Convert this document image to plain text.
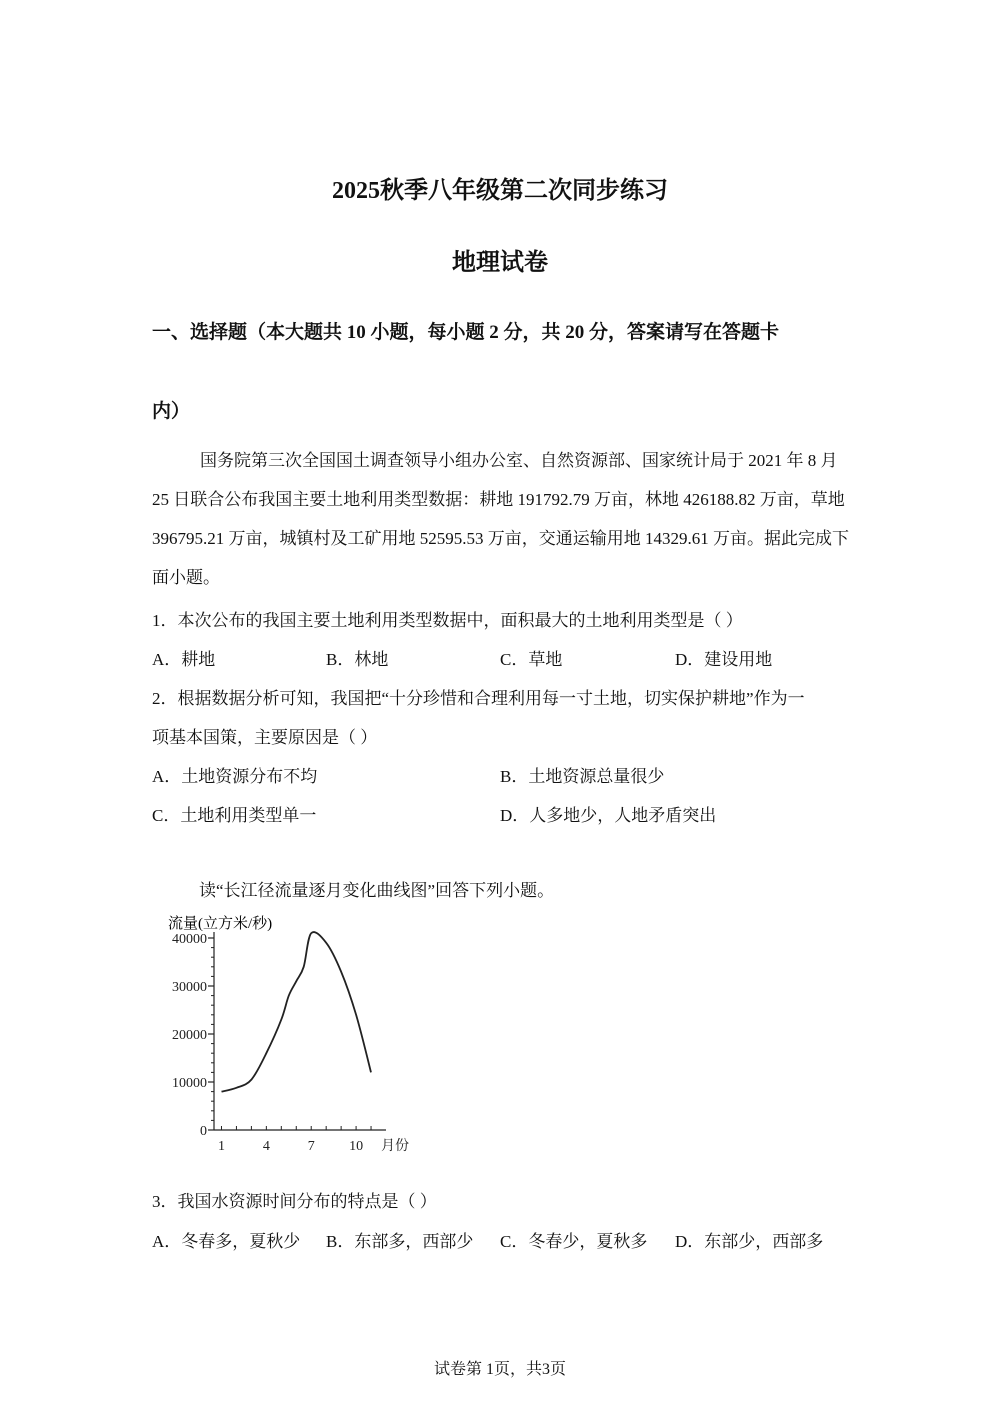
2025秋季八年级第二次同步练习
地理试卷
一、选择题（本大题共 10 小题，每小题 2 分，共 20 分，答案请写在答题卡
内）
国务院第三次全国国土调查领导小组办公室、自然资源部、国家统计局于 2021 年 8 月 25 日联合公布我国主要土地利用类型数据：耕地 191792.79 万亩，林地 426188.82 万亩，草地 396795.21 万亩，城镇村及工矿用地 52595.53 万亩，交通运输用地 14329.61 万亩。据此完成下面小题。
1．本次公布的我国主要土地利用类型数据中，面积最大的土地利用类型是（ ）
A．耕地	B．林地	C．草地	D．建设用地
2．根据数据分析可知，我国把“十分珍惜和合理利用每一寸土地，切实保护耕地”作为一
项基本国策，主要原因是（ ）
A．土地资源分布不均	B．土地资源总量很少
C．土地利用类型单一	D．人多地少，人地矛盾突出
读“长江径流量逐月变化曲线图”回答下列小题。
流量(立方米/秒)
0
10000
20000
30000
40000
1	4	7 10 月份
3．我国水资源时间分布的特点是（ ）
A．冬春多，夏秋少 B．东部多，西部少 C．冬春少，夏秋多 D．东部少，西部多
试卷第 1页，共3页
